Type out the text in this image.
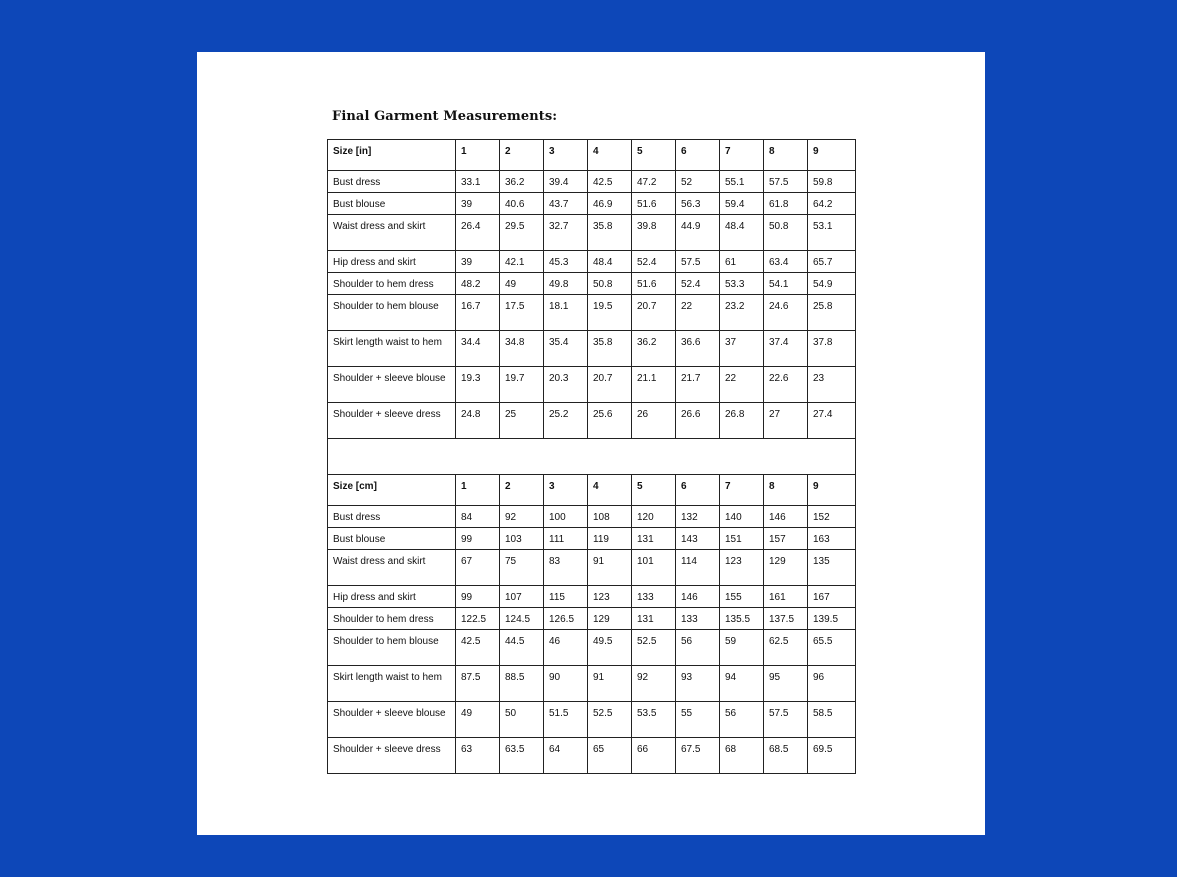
Final Garment Measurements:
Size [in]	1	2	3	4	5	6	7	8	9

Bust dress	33.1	36.2	39.4	42.5	47.2	52	55.1	57.5	59.8

Bust blouse	39	40.6	43.7	46.9	51.6	56.3	59.4	61.8	64.2

Waist dress and skirt	26.4	29.5	32.7	35.8	39.8	44.9	48.4	50.8	53.1

Hip dress and skirt	39	42.1	45.3	48.4	52.4	57.5	61	63.4	65.7

Shoulder to hem dress	48.2	49	49.8	50.8	51.6	52.4	53.3	54.1	54.9

Shoulder to hem blouse	16.7	17.5	18.1	19.5	20.7	22	23.2	24.6	25.8

Skirt length waist to hem	34.4	34.8	35.4	35.8	36.2	36.6	37	37.4	37.8

Shoulder + sleeve blouse	19.3	19.7	20.3	20.7	21.1	21.7	22	22.6	23

Shoulder + sleeve dress	24.8	25	25.2	25.6	26	26.6	26.8	27	27.4

Size [cm]	1	2	3	4	5	6	7	8	9

Bust dress	84	92	100	108	120	132	140	146	152

Bust blouse	99	103	111	119	131	143	151	157	163

Waist dress and skirt	67	75	83	91	101	114	123	129	135

Hip dress and skirt	99	107	115	123	133	146	155	161	167

Shoulder to hem dress	122.5	124.5	126.5	129	131	133	135.5	137.5	139.5

Shoulder to hem blouse	42.5	44.5	46	49.5	52.5	56	59	62.5	65.5

Skirt length waist to hem	87.5	88.5	90	91	92	93	94	95	96

Shoulder + sleeve blouse	49	50	51.5	52.5	53.5	55	56	57.5	58.5

Shoulder + sleeve dress	63	63.5	64	65	66	67.5	68	68.5	69.5
